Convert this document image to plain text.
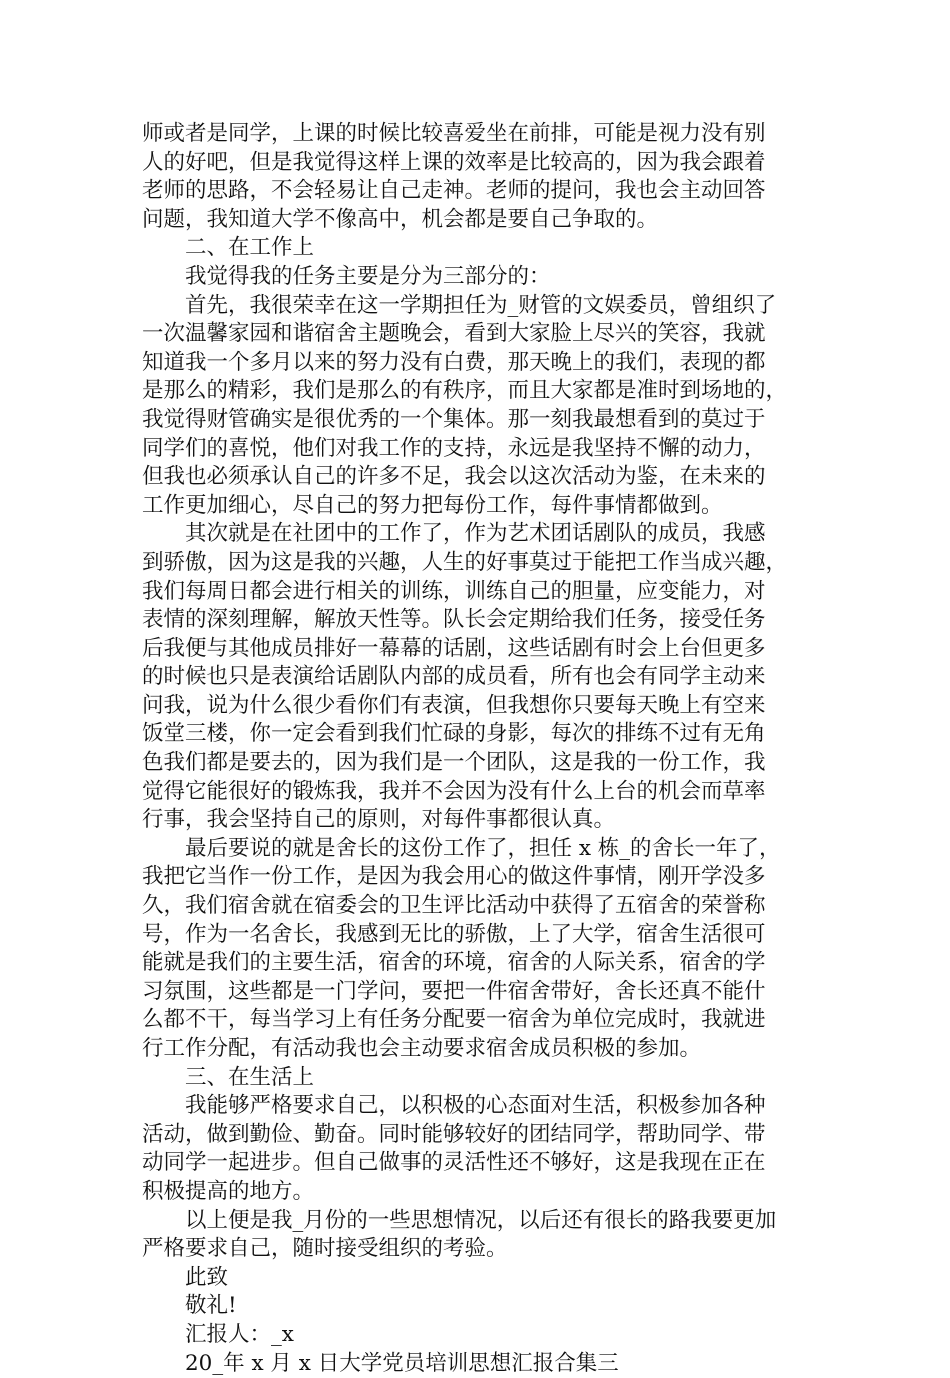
师或者是同学，上课的时候比较喜爱坐在前排，可能是视力没有别
人的好吧，但是我觉得这样上课的效率是比较高的，因为我会跟着
老师的思路，不会轻易让自己走神。老师的提问，我也会主动回答
问题，我知道大学不像高中，机会都是要自己争取的。
二、在工作上
我觉得我的任务主要是分为三部分的：
首先，我很荣幸在这一学期担任为_财管的文娱委员，曾组织了
一次温馨家园和谐宿舍主题晚会，看到大家脸上尽兴的笑容，我就
知道我一个多月以来的努力没有白费，那天晚上的我们，表现的都
是那么的精彩，我们是那么的有秩序，而且大家都是准时到场地的，
我觉得财管确实是很优秀的一个集体。那一刻我最想看到的莫过于
同学们的喜悦，他们对我工作的支持，永远是我坚持不懈的动力，
但我也必须承认自己的许多不足，我会以这次活动为鉴，在未来的
工作更加细心，尽自己的努力把每份工作，每件事情都做到。
其次就是在社团中的工作了，作为艺术团话剧队的成员，我感
到骄傲，因为这是我的兴趣，人生的好事莫过于能把工作当成兴趣，
我们每周日都会进行相关的训练，训练自己的胆量，应变能力，对
表情的深刻理解，解放天性等。队长会定期给我们任务，接受任务
后我便与其他成员排好一幕幕的话剧，这些话剧有时会上台但更多
的时候也只是表演给话剧队内部的成员看，所有也会有同学主动来
问我，说为什么很少看你们有表演，但我想你只要每天晚上有空来
饭堂三楼，你一定会看到我们忙碌的身影，每次的排练不过有无角
色我们都是要去的，因为我们是一个团队，这是我的一份工作，我
觉得它能很好的锻炼我，我并不会因为没有什么上台的机会而草率
行事，我会坚持自己的原则，对每件事都很认真。
最后要说的就是舍长的这份工作了，担任 x 栋_的舍长一年了，
我把它当作一份工作，是因为我会用心的做这件事情，刚开学没多
久，我们宿舍就在宿委会的卫生评比活动中获得了五宿舍的荣誉称
号，作为一名舍长，我感到无比的骄傲，上了大学，宿舍生活很可
能就是我们的主要生活，宿舍的环境，宿舍的人际关系，宿舍的学
习氛围，这些都是一门学问，要把一件宿舍带好，舍长还真不能什
么都不干，每当学习上有任务分配要一宿舍为单位完成时，我就进
行工作分配，有活动我也会主动要求宿舍成员积极的参加。
三、在生活上
我能够严格要求自己，以积极的心态面对生活，积极参加各种
活动，做到勤俭、勤奋。同时能够较好的团结同学，帮助同学、带
动同学一起进步。但自己做事的灵活性还不够好，这是我现在正在
积极提高的地方。
以上便是我_月份的一些思想情况，以后还有很长的路我要更加
严格要求自己，随时接受组织的考验。
此致
敬礼!
汇报人：_x
20_年 x 月 x 日大学党员培训思想汇报合集三
